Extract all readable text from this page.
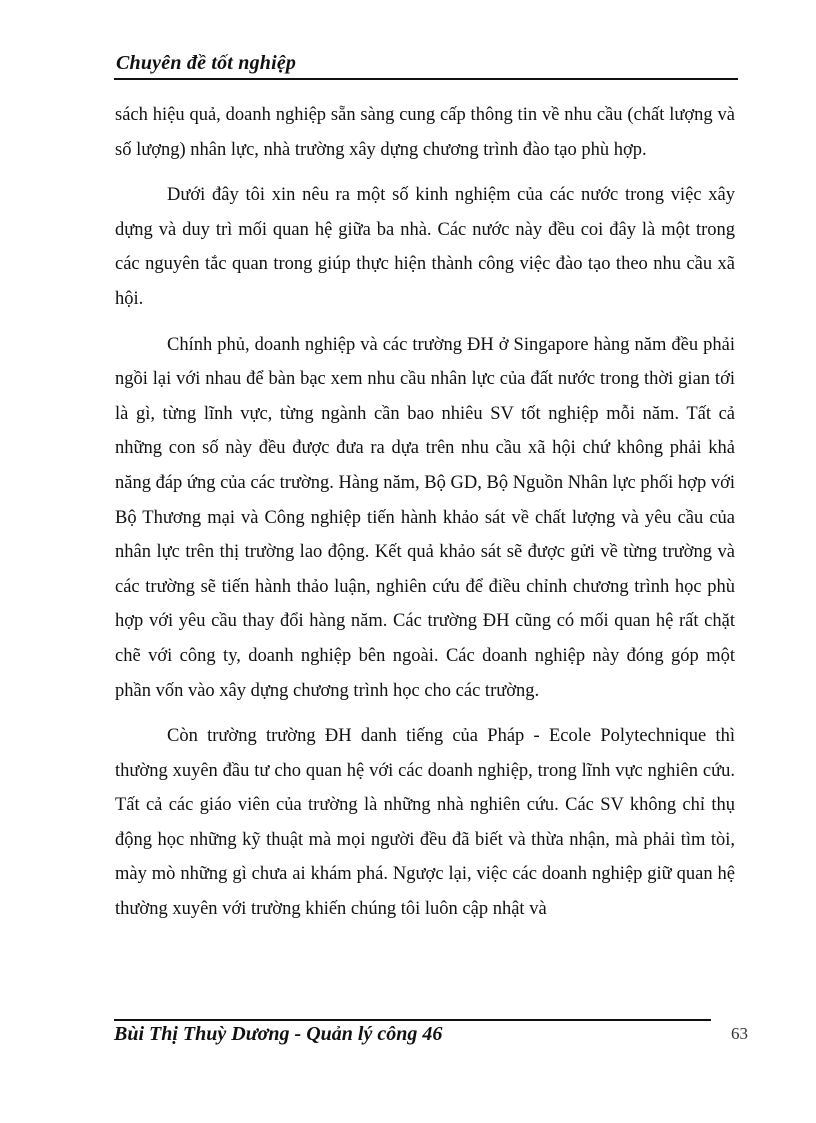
Chuyên đề tốt nghiệp

sách hiệu quả, doanh nghiệp sẵn sàng cung cấp thông tin về nhu cầu (chất lượng và số lượng) nhân lực, nhà trường xây dựng chương trình đào tạo phù hợp.

Dưới đây tôi xin nêu ra một số kinh nghiệm của các nước trong việc xây dựng và duy trì mối quan hệ giữa ba nhà. Các nước này đều coi đây là một trong các nguyên tắc quan trong giúp thực hiện thành công việc đào tạo theo nhu cầu xã hội.

Chính phủ, doanh nghiệp và các trường ĐH ở Singapore hàng năm đều phải ngồi lại với nhau để bàn bạc xem nhu cầu nhân lực của đất nước trong thời gian tới là gì, từng lĩnh vực, từng ngành cần bao nhiêu SV tốt nghiệp mỗi năm. Tất cả những con số này đều được đưa ra dựa trên nhu cầu xã hội chứ không phải khả năng đáp ứng của các trường. Hàng năm, Bộ GD, Bộ Nguồn Nhân lực phối hợp với Bộ Thương mại và Công nghiệp tiến hành khảo sát về chất lượng và yêu cầu của nhân lực trên thị trường lao động. Kết quả khảo sát sẽ được gửi về từng trường và các trường sẽ tiến hành thảo luận, nghiên cứu để điều chỉnh chương trình học phù hợp với yêu cầu thay đổi hàng năm. Các trường ĐH cũng có mối quan hệ rất chặt chẽ với công ty, doanh nghiệp bên ngoài. Các doanh nghiệp này đóng góp một phần vốn vào xây dựng chương trình học cho các trường.

Còn trường trường ĐH danh tiếng của Pháp - Ecole Polytechnique thì thường xuyên đầu tư cho quan hệ với các doanh nghiệp, trong lĩnh vực nghiên cứu. Tất cả các giáo viên của trường là những nhà nghiên cứu. Các SV không chỉ thụ động học những kỹ thuật mà mọi người đều đã biết và thừa nhận, mà phải tìm tòi, mày mò những gì chưa ai khám phá. Ngược lại, việc các doanh nghiệp giữ quan hệ thường xuyên với trường khiến chúng tôi luôn cập nhật và

Bùi Thị Thuỳ Dương - Quản lý công 46	63
